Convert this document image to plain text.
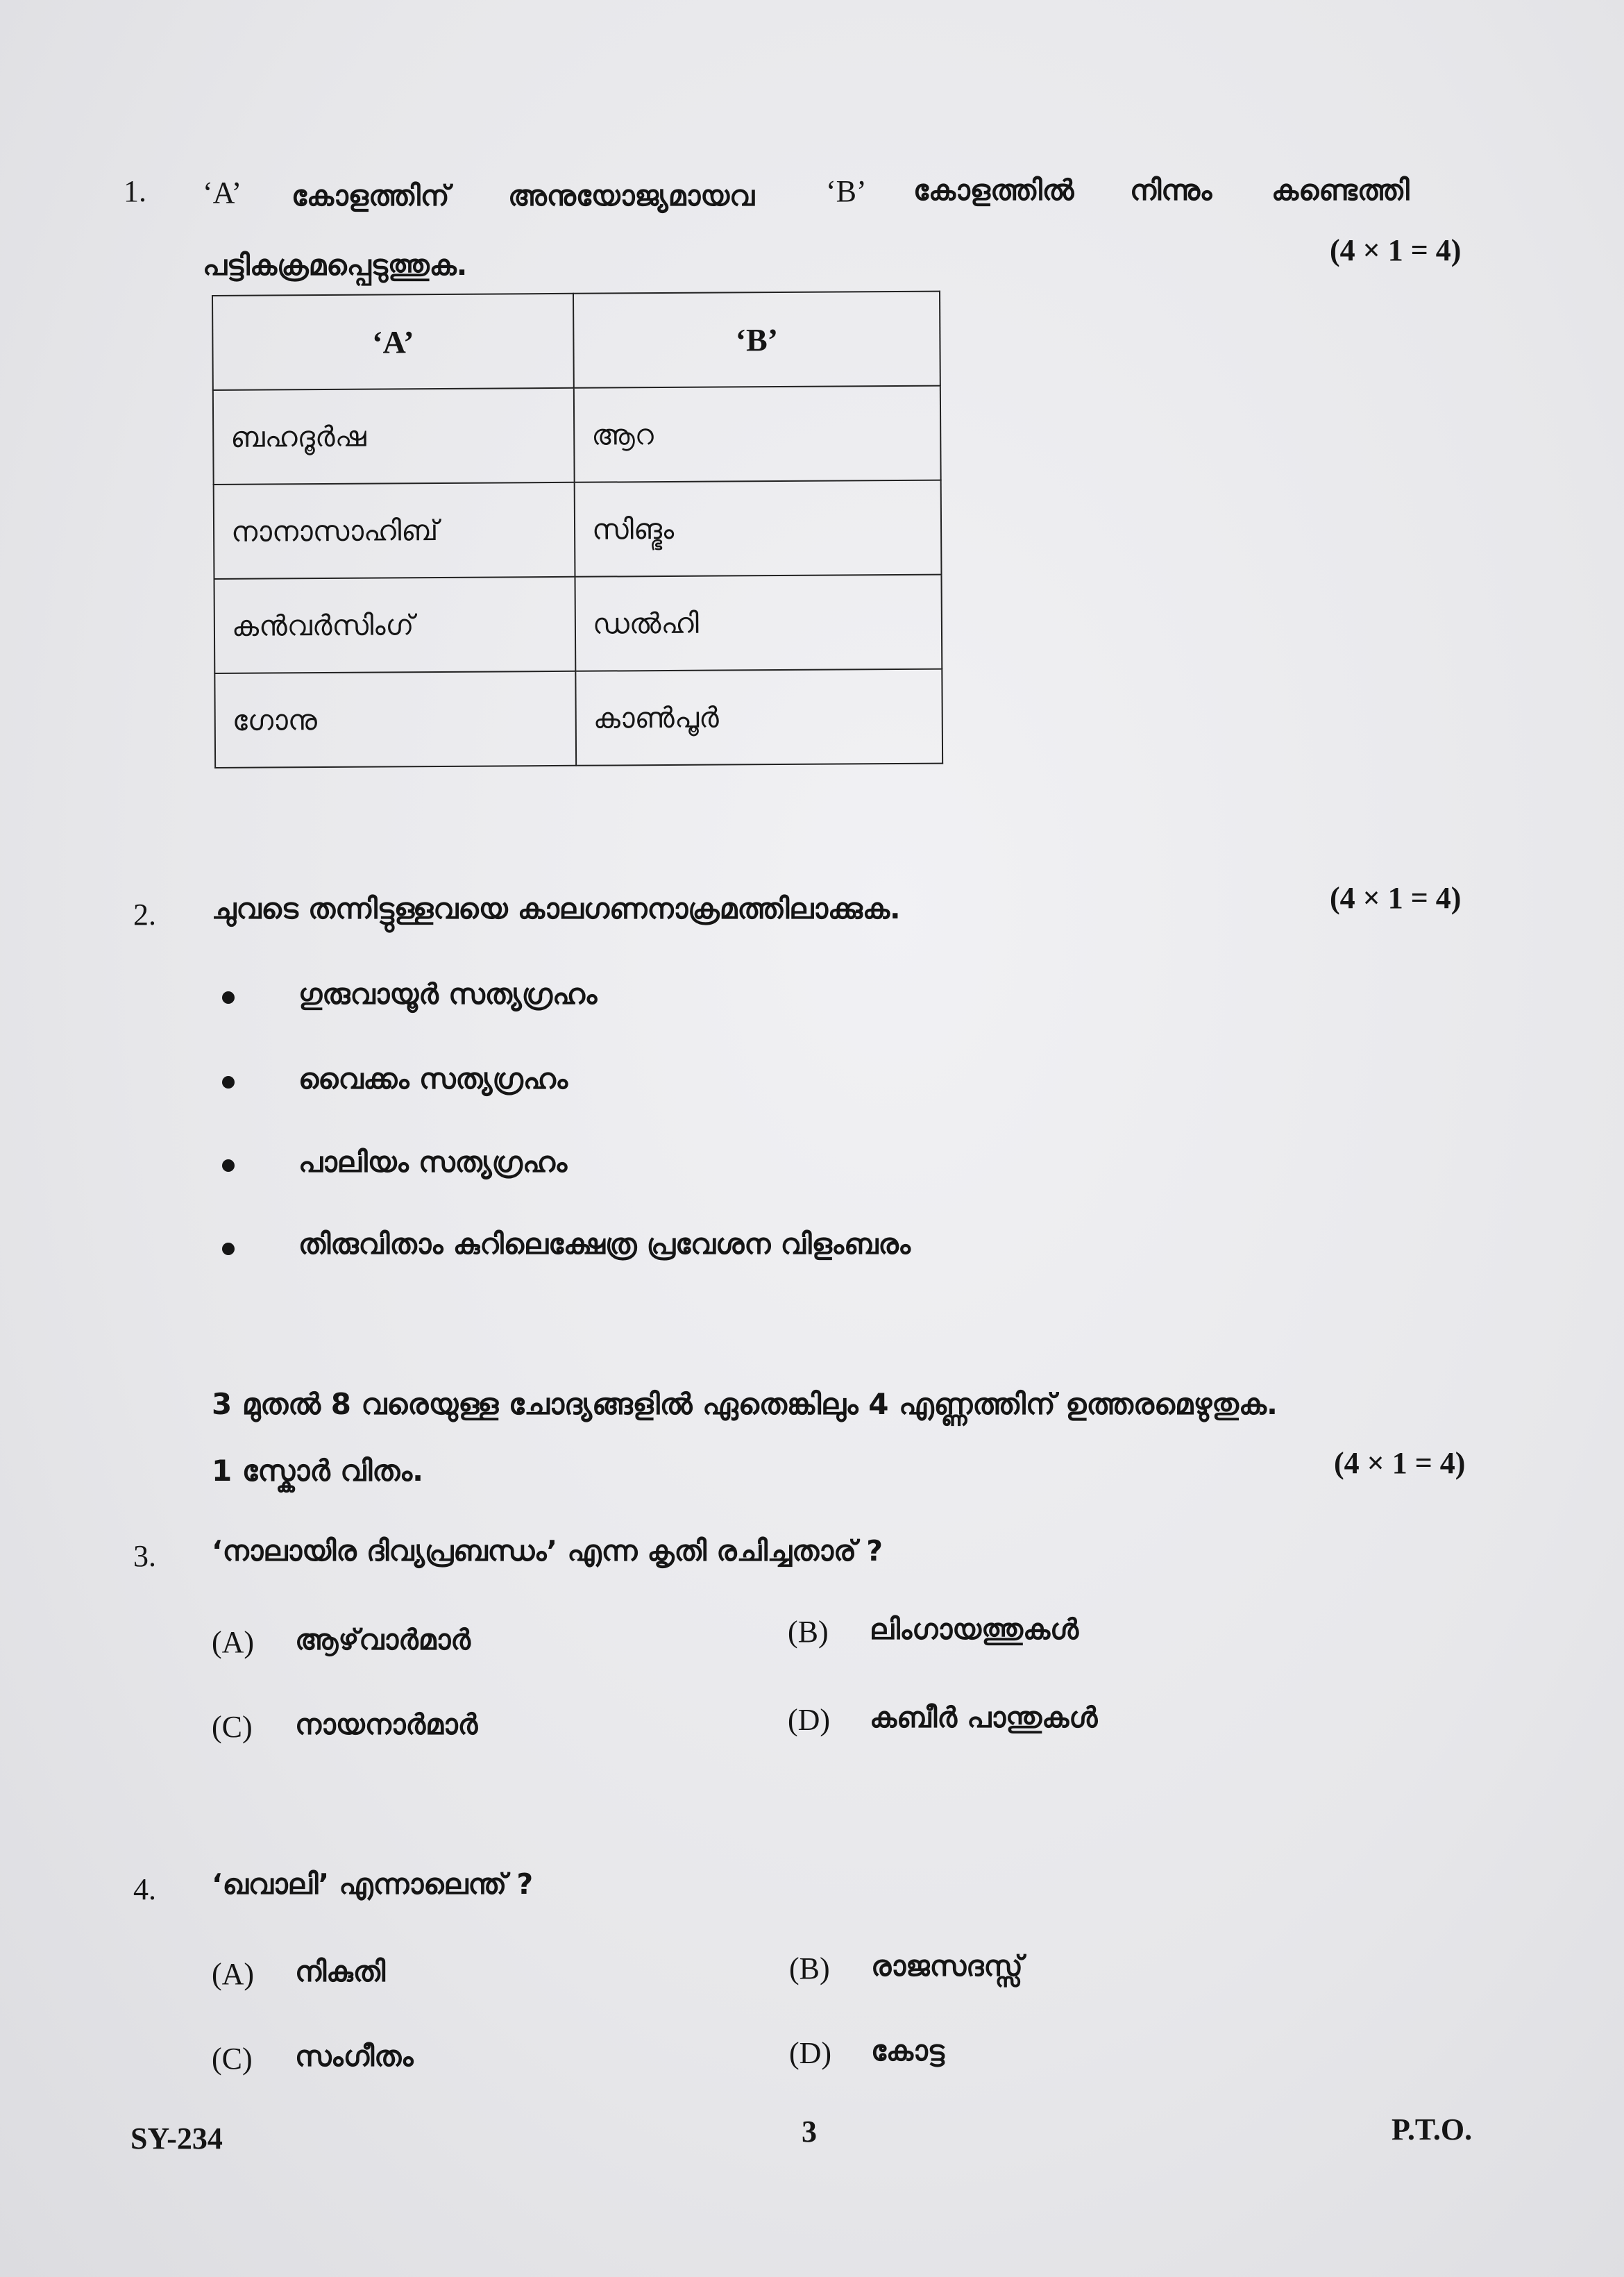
1. ‘A’ കോളത്തിന് അനുയോജ്യമായവ ‘B’ കോളത്തിൽ നിന്നും കണ്ടെത്തി
പട്ടികക്രമപ്പെടുത്തുക.	(4 × 1 = 4)
‘A’	‘B’
ബഹദൂർഷ	ആറ
നാനാസാഹിബ്	സിങ്ഭം
കൻവർസിംഗ്	ഡൽഹി
ഗോനു	കാൺപൂർ
2. ചുവടെ തന്നിട്ടുള്ളവയെ കാലഗണനാക്രമത്തിലാക്കുക.	(4 × 1 = 4)
ഗുരുവായൂർ സത്യഗ്രഹം
വൈക്കം സത്യഗ്രഹം
പാലിയം സത്യഗ്രഹം
തിരുവിതാം കുറിലെക്ഷേത്ര പ്രവേശന വിളംബരം
3 മുതൽ 8 വരെയുള്ള ചോദ്യങ്ങളിൽ ഏതെങ്കിലും 4 എണ്ണത്തിന് ഉത്തരമെഴുതുക.
1 സ്കോർ വിതം.	(4 × 1 = 4)
3. ‘നാലായിര ദിവ്യപ്രബന്ധം’ എന്ന കൃതി രചിച്ചതാര് ?
(A) ആഴ്‌വാർമാർ	(B) ലിംഗായത്തുകൾ
(C) നായനാർമാർ	(D) കബീർ പാന്തുകൾ
4. ‘ഖവാലി’ എന്നാലെന്ത് ?
(A) നികുതി	(B) രാജസദസ്സ്
(C) സംഗീതം	(D) കോട്ട
SY-234	3	P.T.O.
